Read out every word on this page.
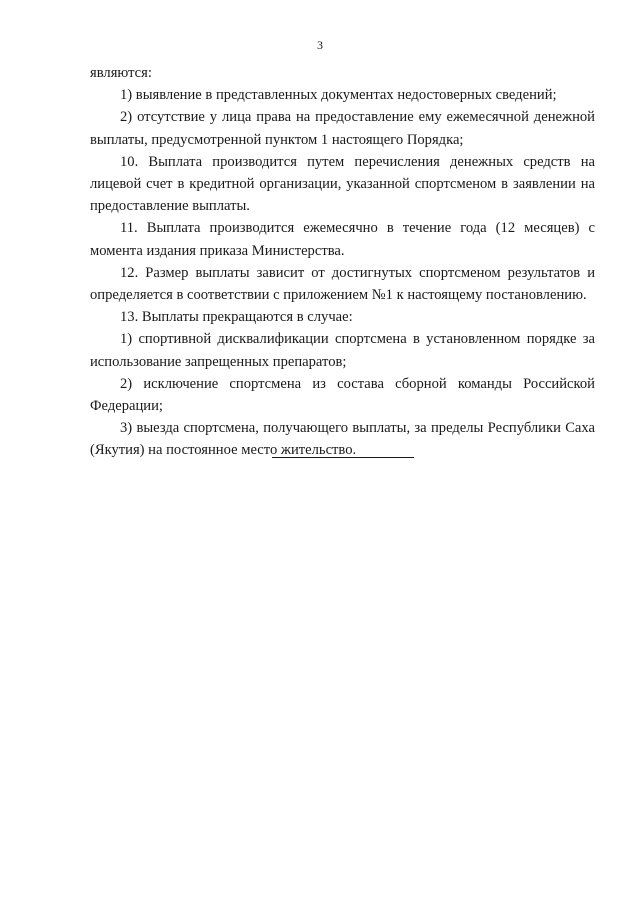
3

являются:

1) выявление в представленных документах недостоверных сведений;

2) отсутствие у лица права на предоставление ему ежемесячной денежной выплаты, предусмотренной пунктом 1 настоящего Порядка;

10. Выплата производится путем перечисления денежных средств на лицевой счет в кредитной организации, указанной спортсменом в заявлении на предоставление выплаты.

11. Выплата производится ежемесячно в течение года (12 месяцев) с момента издания приказа Министерства.

12. Размер выплаты зависит от достигнутых спортсменом результатов и определяется в соответствии с приложением №1 к настоящему постановлению.

13. Выплаты прекращаются в случае:

1) спортивной дисквалификации спортсмена в установленном порядке за использование запрещенных препаратов;

2) исключение спортсмена из состава сборной команды Российской Федерации;

3) выезда спортсмена, получающего выплаты, за пределы Республики Саха (Якутия) на постоянное место жительство.
